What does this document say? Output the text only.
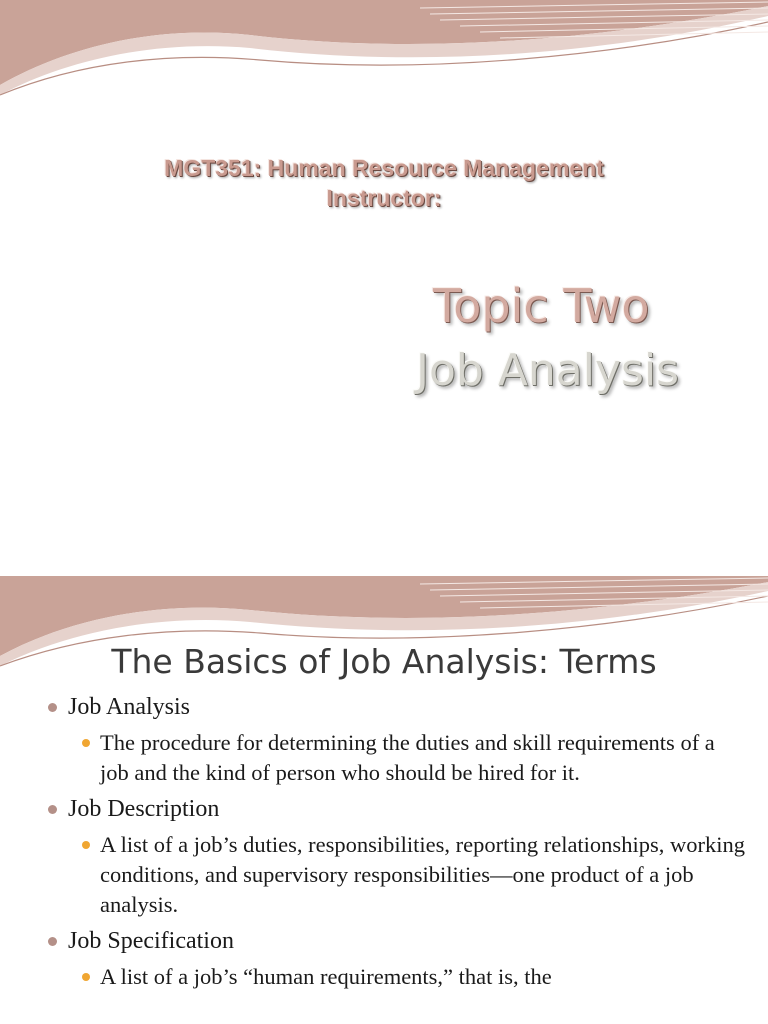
MGT351: Human Resource Management
Instructor:
Topic Two
Job Analysis
The Basics of Job Analysis: Terms
Job Analysis
The procedure for determining the duties and skill requirements of a job and the kind of person who should be hired for it.
Job Description
A list of a job’s duties, responsibilities, reporting relationships, working conditions, and supervisory responsibilities—one product of a job analysis.
Job Specification
A list of a job’s “human requirements,” that is, the
